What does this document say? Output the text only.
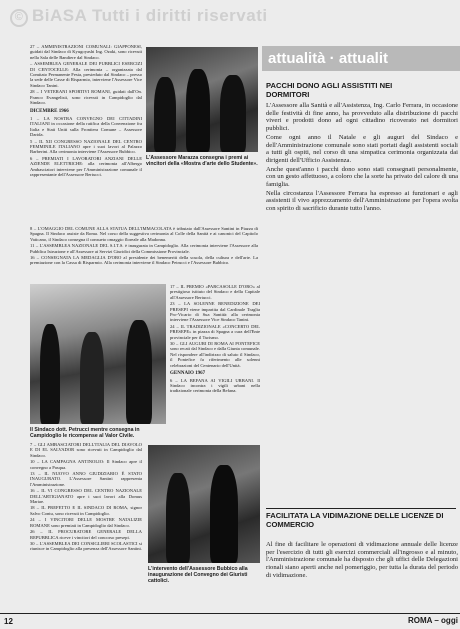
© BiASA Tutti i diritti riservati

27 – AMMINISTRAZIONI COMUNALI: GIAPPONESI, guidati dal Sindaco di Kyugoyashi Ing. Ozaki, sono ricevuti nella Sala delle Bandiere dal Sindaco.

– ASSEMBLEA GENERALE DEI PUBBLICI ESERCIZI DI CENTOCELLE: Alla cerimonia – organizzata dal Comitato Permanente Festa, presieduto dal Sindaco – presso la sede delle Casse di Risparmio, interviene l'Assessore Vice Sindaco Tanini.

28 – I VETERANI SPORTIVI ROMANI, guidati dall'On. Franco Evangelisti, sono ricevuti in Campidoglio dal Sindaco.

DICEMBRE 1966

1 – LA NOSTRA CONVEGNO DEI CITTADINI ITALIANI in occasione della ratifica della Convenzione fra Italia e Stati Uniti sulla Frontiera Comune – Assessore Darida.

5 – IL XII CONGRESSO NAZIONALE DEL CENTRO FEMMINILE ITALIANO apre i suoi lavori al Palazzo Barberini. Alla cerimonia interviene l'Assessore Bubbico.

6 – PREMIATI I LAVORATORI ANZIANI DELLE AZIENDE ELETTRICHE: alla cerimonia all'Albergo Ambasciatori interviene per l'Amministrazione comunale il rappresentante dell'Assessore Bertucci.

8 – L'OMAGGIO DEL COMUNE ALLA STATUA DELL'IMMACOLATA è tributato dall'Assessore Santini in Piazza di Spagna. Il Sindaco assiste da Roma. Nel corso della suggestiva cerimonia al Colle della Sanità e ai canonici del Capitolo Vaticano, il Sindaco consegna il consueto omaggio floreale alla Madonna.

11 – L'ASSEMBLEA NAZIONALE DEL S.I.T.S. è inaugurata in Campidoglio. Alla cerimonia interviene l'Assessore alla Pubblica Istruzione e all'Assessore ai Servizi Giuridici della Commissione Provinciale.

16 – CONSEGNATA LA MEDAGLIA D'ORO al presidente dei benemeriti della scuola, della cultura e dell'arte. La premiazione con la Cassa di Risparmio. Alla cerimonia interviene il Sindaco Petrucci e l'Assessore Bubbico.

L'Assessore Marazza consegna i premi ai vincitori della «Mostra d'arte dello Studente».
attualità · attualit
Il Sindaco dott. Petrucci mentre consegna in Campidoglio le ricompense al Valor Civile.

17 – IL PREMIO «PARCASOLLE D'ORO» al prestigioso istituto del Sindaco e della Capitale all'Assessore Bertucci.

23 – LA SOLENNE BENEDIZIONE DEI PRESEPI viene impartita dal Cardinale Traglia Pro-Vicario di Sua Santità: alla cerimonia interviene l'Assessore Vice Sindaco Tanini.

24 – IL TRADIZIONALE «CONCERTO DEL PRESEPE» in piazza di Spagna a cura dell'Ente provinciale per il Turismo.

30 – GLI AUGURI DI ROMA AI PONTEFICE sono recati dal Sindaco e dalla Giunta comunale. Nel rispondere all'indirizzo di saluto il Sindaco, il Pontefice fa riferimento alle solenni celebrazioni del Centenario dell'Unità.

GENNAIO 1967

6 – LA BEFANA AI VIGILI URBANI. Il Sindaco incontra i vigili urbani nella tradizionale cerimonia della Befana.

7 – GLI AMBASCIATORI DELL'ITALIA DEL DIAVOLO E DI EL SALVADOR sono ricevuti in Campidoglio dal Sindaco.

10 – LA CAMPAGNA ANTINOLIO: Il Sindaco apre il convegno a Pasqua.

13 – IL NUOVO ANNO GIUDIZIARIO È STATO INAUGURATO. L'Assessore Santini rappresenta l'Amministrazione.

16 – IL VI CONGRESSO DEL CENTRO NAZIONALE DELL'ARTIGIANATO apre i suoi lavori alla Domus Mariae.

18 – IL PREFETTO E IL SINDACO DI ROMA, signor Salvo Contu, sono ricevuti in Campidoglio.

24 – I VINCITORI DELLE MOSTRE NATALIZIE ROMANE sono premiati in Campidoglio dal Sindaco.

26 – IL PROCURATORE GENERALE DELLA REPUBBLICA riceve i vincitori del concorso presepi.

30 – L'ASSEMBLEA DEI CONSIGLIERI SCOLASTICI si riunisce in Campidoglio alla presenza dell'Assessore Santini.

L'intervento dell'Assessore Bubbico alla inaugurazione del Convegno dei Giuristi cattolici.
PACCHI DONO AGLI ASSISTITI NEI DORMITORI

L'Assessore alla Sanità e all'Assistenza, Ing. Carlo Ferrara, in occasione delle festività di fine anno, ha provveduto alla distribuzione di pacchi viveri e prodotti dono ad ogni cittadino ricoverato nei dormitori pubblici.

Come ogni anno il Natale e gli auguri del Sindaco e dell'Amministrazione comunale sono stati portati dagli assistenti sociali a tutti gli ospiti, nel corso di una simpatica cerimonia organizzata dai dirigenti dell'Ufficio Assistenza.

Anche quest'anno i pacchi dono sono stati consegnati personalmente, con un gesto affettuoso, a coloro che la sorte ha privato del calore di una famiglia.

Nella circostanza l'Assessore Ferrara ha espresso ai funzionari e agli assistenti il vivo apprezzamento dell'Amministrazione per l'opera svolta con spirito di sacrificio durante tutto l'anno.

FACILITATA LA VIDIMAZIONE DELLE LICENZE DI COMMERCIO

Al fine di facilitare le operazioni di vidimazione annuale delle licenze per l'esercizio di tutti gli esercizi commerciali all'ingrosso e al minuto, l'Amministrazione comunale ha disposto che gli uffici delle Delegazioni rionali siano aperti anche nel pomeriggio, per tutta la durata del periodo di vidimazione.

12	ROMA – oggi
